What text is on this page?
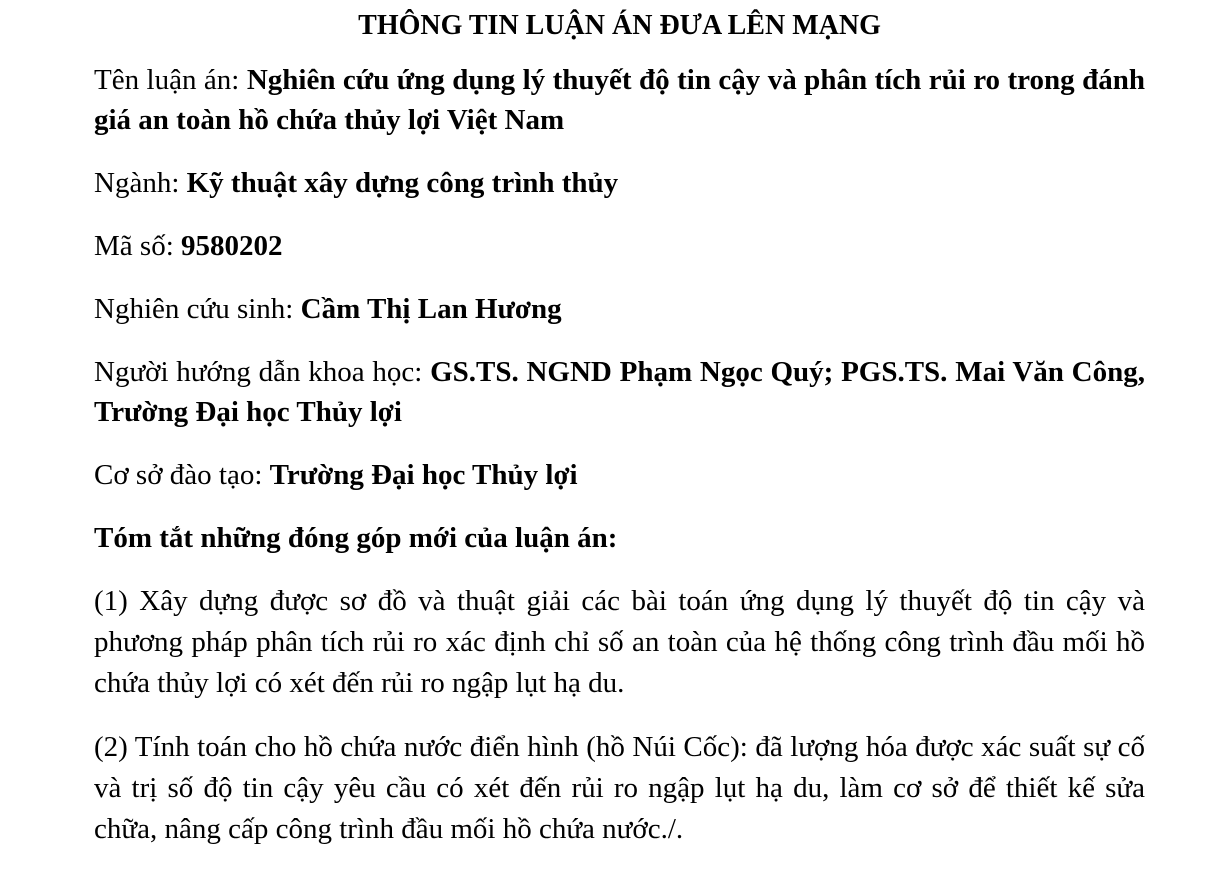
THÔNG TIN LUẬN ÁN ĐƯA LÊN MẠNG
Tên luận án: Nghiên cứu ứng dụng lý thuyết độ tin cậy và phân tích rủi ro trong đánh giá an toàn hồ chứa thủy lợi Việt Nam
Ngành: Kỹ thuật xây dựng công trình thủy
Mã số: 9580202
Nghiên cứu sinh: Cầm Thị Lan Hương
Người hướng dẫn khoa học: GS.TS. NGND Phạm Ngọc Quý; PGS.TS. Mai Văn Công, Trường Đại học Thủy lợi
Cơ sở đào tạo: Trường Đại học Thủy lợi
Tóm tắt những đóng góp mới của luận án:
(1) Xây dựng được sơ đồ và thuật giải các bài toán ứng dụng lý thuyết độ tin cậy và phương pháp phân tích rủi ro xác định chỉ số an toàn của hệ thống công trình đầu mối hồ chứa thủy lợi có xét đến rủi ro ngập lụt hạ du.
(2) Tính toán cho hồ chứa nước điển hình (hồ Núi Cốc): đã lượng hóa được xác suất sự cố và trị số độ tin cậy yêu cầu có xét đến rủi ro ngập lụt hạ du, làm cơ sở để thiết kế sửa chữa, nâng cấp công trình đầu mối hồ chứa nước./.
